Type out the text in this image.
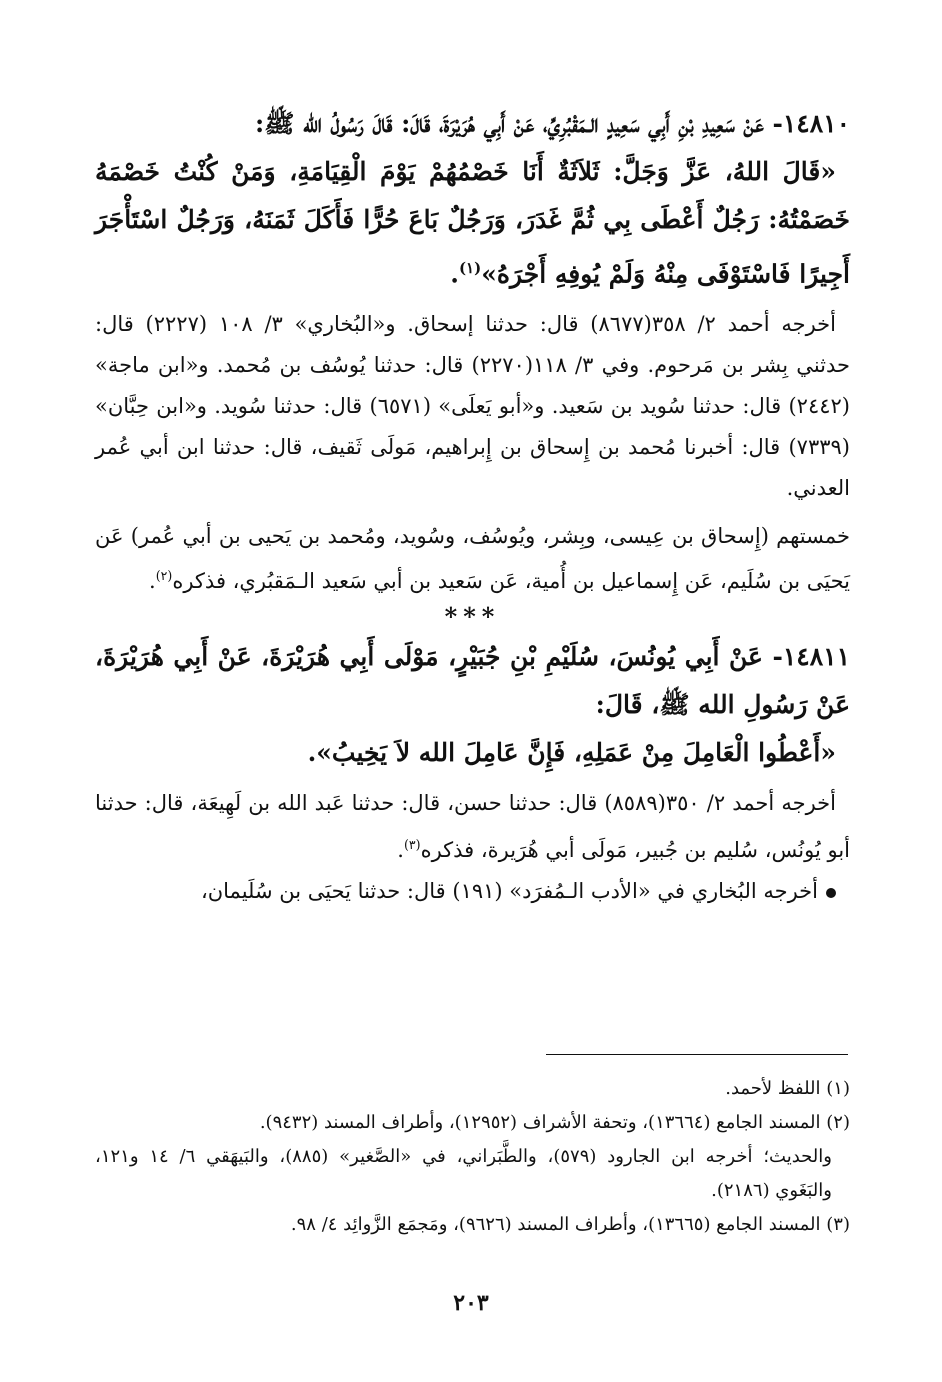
١٤٨١٠- عَنْ سَعِيدِ بْنِ أَبِي سَعِيدٍ الـمَقْبُرِيِّ، عَنْ أَبِي هُرَيْرَةَ، قَالَ: قَالَ رَسُولُ الله ﷺ:

«قَالَ اللهُ، عَزَّ وَجَلَّ: ثَلاَثَةٌ أَنَا خَصْمُهُمْ يَوْمَ الْقِيَامَةِ، وَمَنْ كُنْتُ خَصْمَهُ خَصَمْتُهُ: رَجُلٌ أَعْطَى بِي ثُمَّ غَدَرَ، وَرَجُلٌ بَاعَ حُرًّا فَأَكَلَ ثَمَنَهُ، وَرَجُلٌ اسْتَأْجَرَ أَجِيرًا فَاسْتَوْفَى مِنْهُ وَلَمْ يُوفِهِ أَجْرَهُ»$^{(١)}$.

أخرجه أحمد ٢/ ٣٥٨(٨٦٧٧) قال: حدثنا إسحاق. و«البُخاري» ٣/ ١٠٨ (٢٢٢٧) قال: حدثني بِشر بن مَرحوم. وفي ٣/ ١١٨(٢٢٧٠) قال: حدثنا يُوسُف بن مُحمد. و«ابن ماجة» (٢٤٤٢) قال: حدثنا سُويد بن سَعيد. و«أبو يَعلَى» (٦٥٧١) قال: حدثنا سُويد. و«ابن حِبَّان» (٧٣٣٩) قال: أخبرنا مُحمد بن إِسحاق بن إِبراهيم، مَولَى ثَقيف، قال: حدثنا ابن أبي عُمر العدني.

خمستهم (إِسحاق بن عِيسى، وبِشر، ويُوسُف، وسُويد، ومُحمد بن يَحيى بن أبي عُمر) عَن يَحيَى بن سُلَيم، عَن إِسماعيل بن أُمية، عَن سَعيد بن أبي سَعيد الـمَقبُري، فذكره$^{(٢)}$.

***

١٤٨١١- عَنْ أَبِي يُونُسَ، سُلَيْمِ بْنِ جُبَيْرٍ، مَوْلَى أَبِي هُرَيْرَةَ، عَنْ أَبِي هُرَيْرَةَ، عَنْ رَسُولِ الله ﷺ، قَالَ:

«أَعْطُوا الْعَامِلَ مِنْ عَمَلِهِ، فَإِنَّ عَامِلَ الله لاَ يَخِيبُ».

أخرجه أحمد ٢/ ٣٥٠(٨٥٨٩) قال: حدثنا حسن، قال: حدثنا عَبد الله بن لَهِيعَة، قال: حدثنا أبو يُونُس، سُليم بن جُبير، مَولَى أبي هُرَيرة، فذكره$^{(٣)}$.

أخرجه البُخاري في «الأدب الـمُفرَد» (١٩١) قال: حدثنا يَحيَى بن سُلَيمان،

(١) اللفظ لأحمد.

(٢) المسند الجامع (١٣٦٦٤)، وتحفة الأشراف (١٢٩٥٢)، وأطراف المسند (٩٤٣٢).

والحديث؛ أخرجه ابن الجارود (٥٧٩)، والطَّبَراني، في «الصَّغير» (٨٨٥)، والبَيهَقي ٦/ ١٤ و١٢١، والبَغَوي (٢١٨٦).

(٣) المسند الجامع (١٣٦٦٥)، وأطراف المسند (٩٦٢٦)، ومَجمَع الزَّوائِد ٤/ ٩٨.

٢٠٣
